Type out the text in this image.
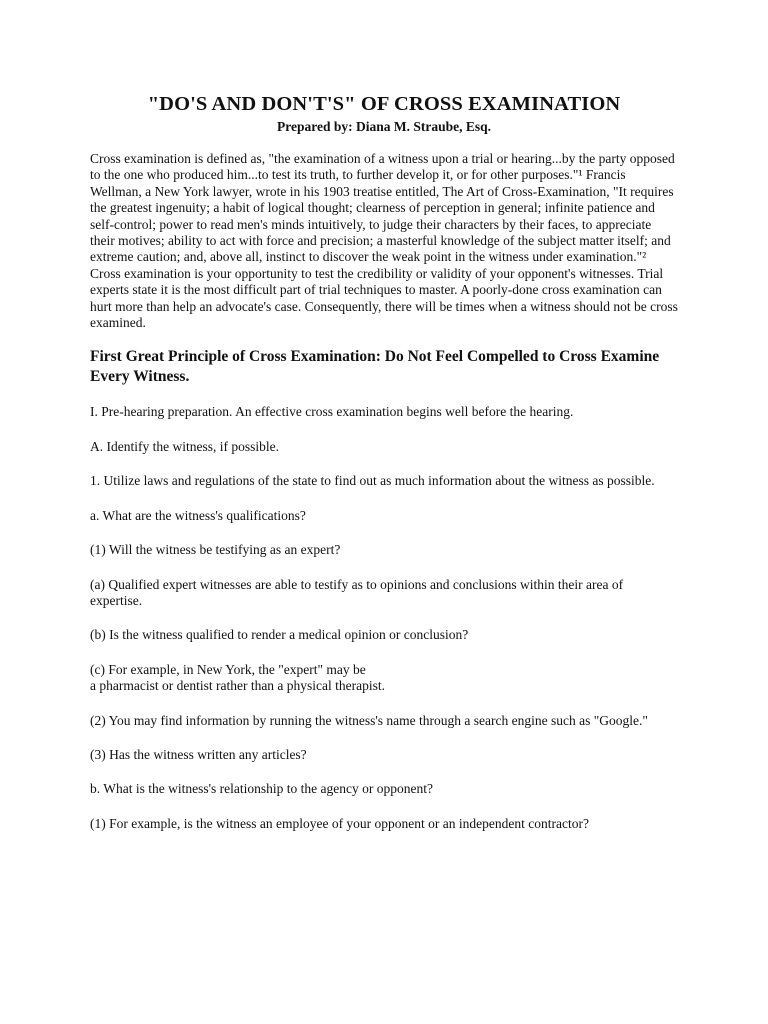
"DO'S AND DON'T'S" OF CROSS EXAMINATION
Prepared by: Diana M. Straube, Esq.

Cross examination is defined as, "the examination of a witness upon a trial or hearing...by the party opposed to the one who produced him...to test its truth, to further develop it, or for other purposes."¹ Francis Wellman, a New York lawyer, wrote in his 1903 treatise entitled, The Art of Cross-Examination, "It requires the greatest ingenuity; a habit of logical thought; clearness of perception in general; infinite patience and self-control; power to read men's minds intuitively, to judge their characters by their faces, to appreciate their motives; ability to act with force and precision; a masterful knowledge of the subject matter itself; and extreme caution; and, above all, instinct to discover the weak point in the witness under examination."² Cross examination is your opportunity to test the credibility or validity of your opponent's witnesses. Trial experts state it is the most difficult part of trial techniques to master. A poorly-done cross examination can hurt more than help an advocate's case. Consequently, there will be times when a witness should not be cross examined.

First Great Principle of Cross Examination: Do Not Feel Compelled to Cross Examine Every Witness.

I. Pre-hearing preparation. An effective cross examination begins well before the hearing.

A. Identify the witness, if possible.

1. Utilize laws and regulations of the state to find out as much information about the witness as possible.

a. What are the witness's qualifications?

(1) Will the witness be testifying as an expert?

(a) Qualified expert witnesses are able to testify as to opinions and conclusions within their area of expertise.

(b) Is the witness qualified to render a medical opinion or conclusion?

(c) For example, in New York, the "expert" may be

a pharmacist or dentist rather than a physical therapist.

(2) You may find information by running the witness's name through a search engine such as "Google."

(3) Has the witness written any articles?

b. What is the witness's relationship to the agency or opponent?

(1) For example, is the witness an employee of your opponent or an independent contractor?
